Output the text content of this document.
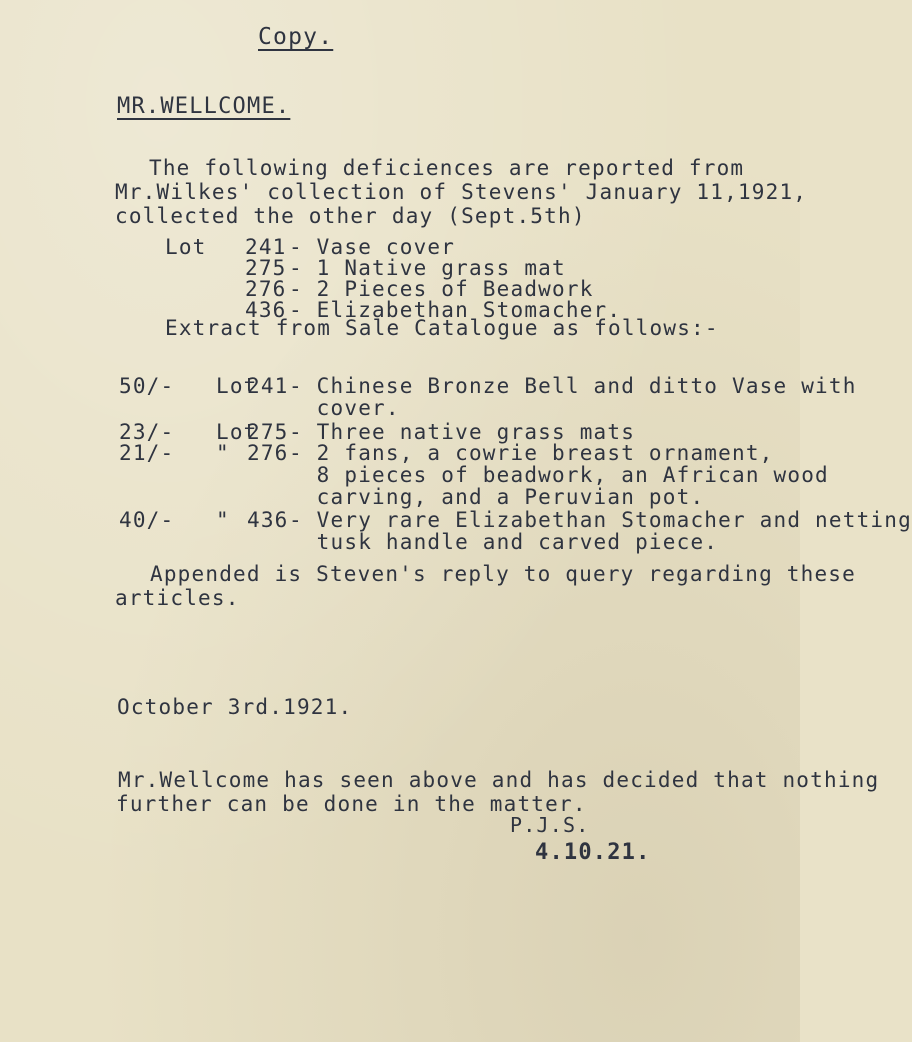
Copy.
MR.WELLCOME.
The following deficiences are reported from
Mr.Wilkes' collection of Stevens' January 11,1921,
collected the other day (Sept.5th)
Lot 241 - Vase cover
275 - 1 Native grass mat
276 - 2 Pieces of Beadwork
436 - Elizabethan Stomacher.
Extract from Sale Catalogue as follows:-
50/- Lot
241 - Chinese Bronze Bell and ditto Vase with
cover.
23/- Lot
275 - Three native grass mats
21/- " 276 - 2 fans, a cowrie breast ornament,
8 pieces of beadwork, an African wood
carving, and a Peruvian pot.
40/- " 436 - Very rare Elizabethan Stomacher and netting
tusk handle and carved piece.
Appended is Steven's reply to query regarding these
articles.
October 3rd.1921.
Mr.Wellcome has seen above and has decided that nothing
further can be done in the matter.
P.J.S.
4.10.21.
